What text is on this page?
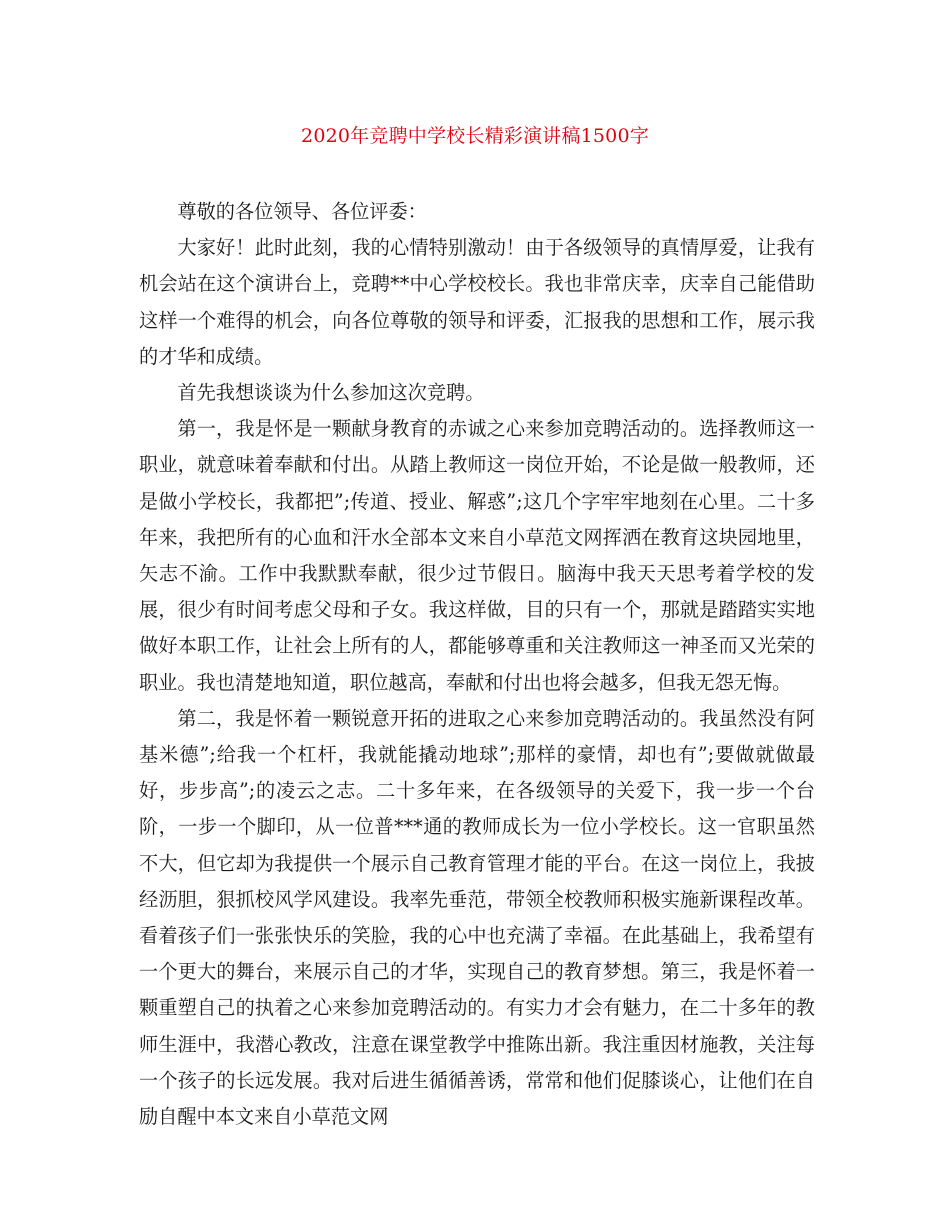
2020年竞聘中学校长精彩演讲稿1500字

尊敬的各位领导、各位评委：

大家好！此时此刻，我的心情特别激动！由于各级领导的真情厚爱，让我有机会站在这个演讲台上，竞聘**中心学校校长。我也非常庆幸，庆幸自己能借助这样一个难得的机会，向各位尊敬的领导和评委，汇报我的思想和工作，展示我的才华和成绩。

首先我想谈谈为什么参加这次竞聘。

第一，我是怀是一颗献身教育的赤诚之心来参加竞聘活动的。选择教师这一职业，就意味着奉献和付出。从踏上教师这一岗位开始，不论是做一般教师，还是做小学校长，我都把”;传道、授业、解惑”;这几个字牢牢地刻在心里。二十多年来，我把所有的心血和汗水全部本文来自小草范文网挥洒在教育这块园地里，矢志不渝。工作中我默默奉献，很少过节假日。脑海中我天天思考着学校的发展，很少有时间考虑父母和子女。我这样做，目的只有一个，那就是踏踏实实地做好本职工作，让社会上所有的人，都能够尊重和关注教师这一神圣而又光荣的职业。我也清楚地知道，职位越高，奉献和付出也将会越多，但我无怨无悔。

第二，我是怀着一颗锐意开拓的进取之心来参加竞聘活动的。我虽然没有阿基米德”;给我一个杠杆，我就能撬动地球”;那样的豪情，却也有”;要做就做最好，步步高”;的凌云之志。二十多年来，在各级领导的关爱下，我一步一个台阶，一步一个脚印，从一位普***通的教师成长为一位小学校长。这一官职虽然不大，但它却为我提供一个展示自己教育管理才能的平台。在这一岗位上，我披经沥胆，狠抓校风学风建设。我率先垂范，带领全校教师积极实施新课程改革。看着孩子们一张张快乐的笑脸，我的心中也充满了幸福。在此基础上，我希望有一个更大的舞台，来展示自己的才华，实现自己的教育梦想。第三，我是怀着一颗重塑自己的执着之心来参加竞聘活动的。有实力才会有魅力，在二十多年的教师生涯中，我潜心教改，注意在课堂教学中推陈出新。我注重因材施教，关注每一个孩子的长远发展。我对后进生循循善诱，常常和他们促膝谈心，让他们在自励自醒中本文来自小草范文网
